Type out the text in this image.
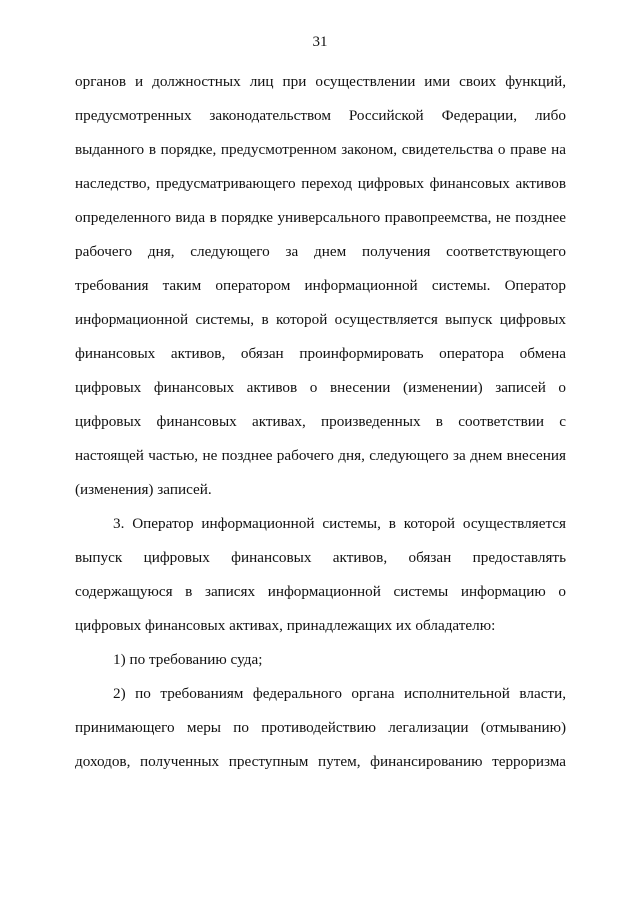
31

органов и должностных лиц при осуществлении ими своих функций, предусмотренных законодательством Российской Федерации, либо выданного в порядке, предусмотренном законом, свидетельства о праве на наследство, предусматривающего переход цифровых финансовых активов определенного вида в порядке универсального правопреемства, не позднее рабочего дня, следующего за днем получения соответствующего требования таким оператором информационной системы. Оператор информационной системы, в которой осуществляется выпуск цифровых финансовых активов, обязан проинформировать оператора обмена цифровых финансовых активов о внесении (изменении) записей о цифровых финансовых активах, произведенных в соответствии с настоящей частью, не позднее рабочего дня, следующего за днем внесения (изменения) записей.

3. Оператор информационной системы, в которой осуществляется выпуск цифровых финансовых активов, обязан предоставлять содержащуюся в записях информационной системы информацию о цифровых финансовых активах, принадлежащих их обладателю:

1) по требованию суда;

2) по требованиям федерального органа исполнительной власти, принимающего меры по противодействию легализации (отмыванию) доходов, полученных преступным путем, финансированию терроризма
